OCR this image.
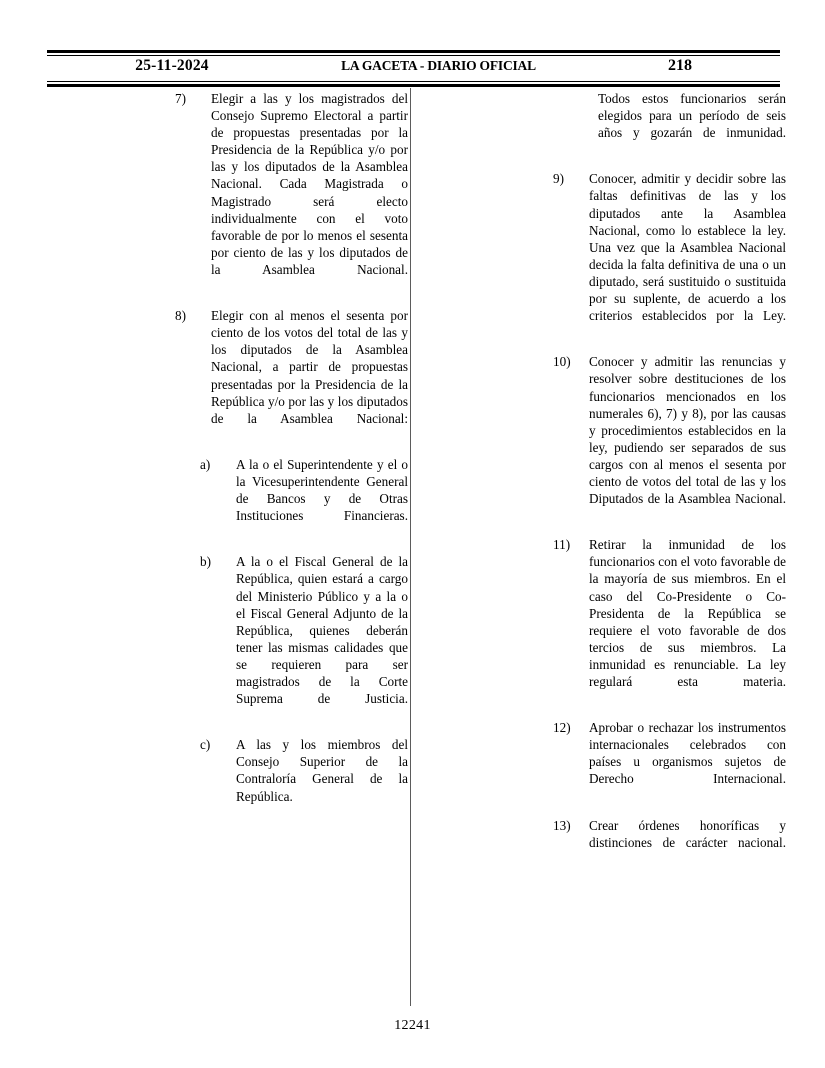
25-11-2024	LA GACETA - DIARIO OFICIAL	218
7)	Elegir a las y los magistrados del Consejo Supremo Electoral a partir de propuestas presentadas por la Presidencia de la República y/o por las y los diputados de la Asamblea Nacional. Cada Magistrada o Magistrado será electo individualmente con el voto favorable de por lo menos el sesenta por ciento de las y los diputados de la Asamblea Nacional.
8)	Elegir con al menos el sesenta por ciento de los votos del total de las y los diputados de la Asamblea Nacional, a partir de propuestas presentadas por la Presidencia de la República y/o por las y los diputados de la Asamblea Nacional:
a)	A la o el Superintendente y el o la Vicesuperintendente General de Bancos y de Otras Instituciones Financieras.
b)	A la o el Fiscal General de la República, quien estará a cargo del Ministerio Público y a la o el Fiscal General Adjunto de la República, quienes deberán tener las mismas calidades que se requieren para ser magistrados de la Corte Suprema de Justicia.
c)	A las y los miembros del Consejo Superior de la Contraloría General de la República.

Todos estos funcionarios serán elegidos para un período de seis años y gozarán de inmunidad.

9)	Conocer, admitir y decidir sobre las faltas definitivas de las y los diputados ante la Asamblea Nacional, como lo establece la ley. Una vez que la Asamblea Nacional decida la falta definitiva de una o un diputado, será sustituido o sustituida por su suplente, de acuerdo a los criterios establecidos por la Ley.
10)	Conocer y admitir las renuncias y resolver sobre destituciones de los funcionarios mencionados en los numerales 6), 7) y 8), por las causas y procedimientos establecidos en la ley, pudiendo ser separados de sus cargos con al menos el sesenta por ciento de votos del total de las y los Diputados de la Asamblea Nacional.
11)	Retirar la inmunidad de los funcionarios con el voto favorable de la mayoría de sus miembros. En el caso del Co-Presidente o Co-Presidenta de la República se requiere el voto favorable de dos tercios de sus miembros. La inmunidad es renunciable. La ley regulará esta materia.
12)	Aprobar o rechazar los instrumentos internacionales celebrados con países u organismos sujetos de Derecho Internacional.
13)	Crear órdenes honoríficas y distinciones de carácter nacional.
12241
